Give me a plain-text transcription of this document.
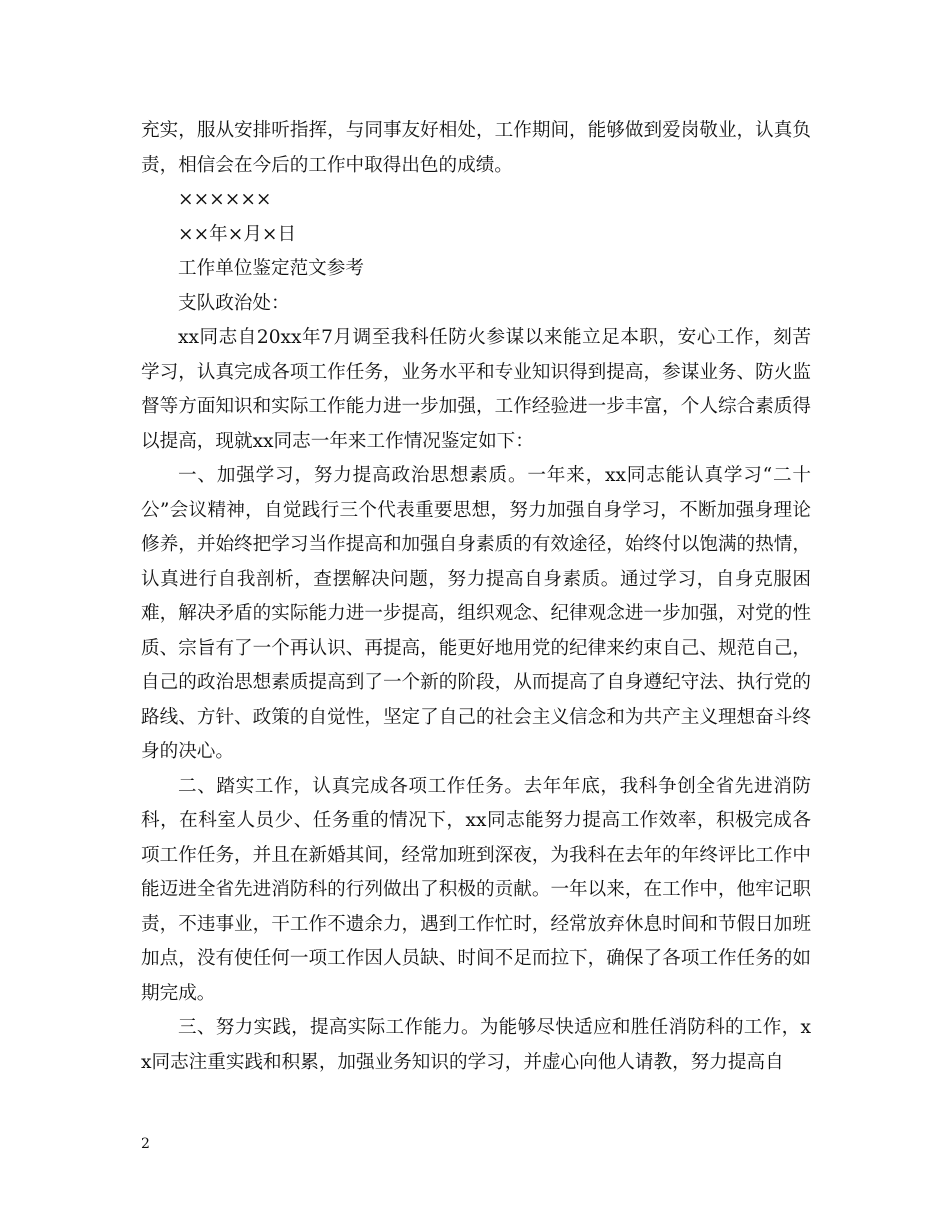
充实，服从安排听指挥，与同事友好相处，工作期间，能够做到爱岗敬业，认真负责，相信会在今后的工作中取得出色的成绩。

××××××

××年×月×日

工作单位鉴定范文参考

支队政治处：

xx同志自20xx年7月调至我科任防火参谋以来能立足本职，安心工作，刻苦学习，认真完成各项工作任务，业务水平和专业知识得到提高，参谋业务、防火监督等方面知识和实际工作能力进一步加强，工作经验进一步丰富，个人综合素质得以提高，现就xx同志一年来工作情况鉴定如下：

一、加强学习，努力提高政治思想素质。一年来，xx同志能认真学习“二十公”会议精神，自觉践行三个代表重要思想，努力加强自身学习，不断加强身理论修养，并始终把学习当作提高和加强自身素质的有效途径，始终付以饱满的热情，认真进行自我剖析，查摆解决问题，努力提高自身素质。通过学习，自身克服困难，解决矛盾的实际能力进一步提高，组织观念、纪律观念进一步加强，对党的性质、宗旨有了一个再认识、再提高，能更好地用党的纪律来约束自己、规范自己，自己的政治思想素质提高到了一个新的阶段，从而提高了自身遵纪守法、执行党的路线、方针、政策的自觉性，坚定了自己的社会主义信念和为共产主义理想奋斗终身的决心。

二、踏实工作，认真完成各项工作任务。去年年底，我科争创全省先进消防科，在科室人员少、任务重的情况下，xx同志能努力提高工作效率，积极完成各项工作任务，并且在新婚其间，经常加班到深夜，为我科在去年的年终评比工作中能迈进全省先进消防科的行列做出了积极的贡献。一年以来，在工作中，他牢记职责，不违事业，干工作不遗余力，遇到工作忙时，经常放弃休息时间和节假日加班加点，没有使任何一项工作因人员缺、时间不足而拉下，确保了各项工作任务的如期完成。

三、努力实践，提高实际工作能力。为能够尽快适应和胜任消防科的工作，xx同志注重实践和积累，加强业务知识的学习，并虚心向他人请教，努力提高自

2
